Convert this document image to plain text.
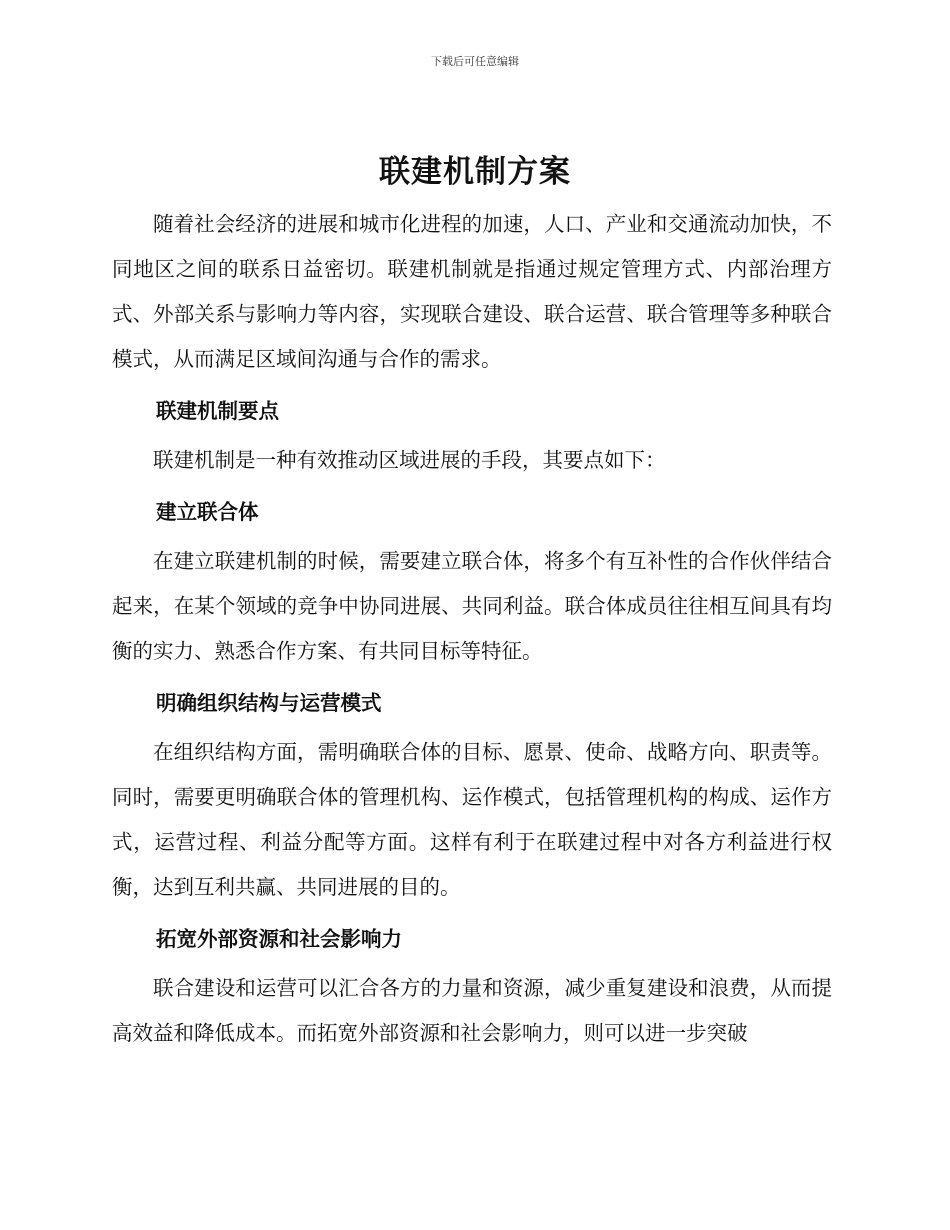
下载后可任意编辑
联建机制方案

随着社会经济的进展和城市化进程的加速，人口、产业和交通流动加快，不同地区之间的联系日益密切。联建机制就是指通过规定管理方式、内部治理方式、外部关系与影响力等内容，实现联合建设、联合运营、联合管理等多种联合模式，从而满足区域间沟通与合作的需求。

联建机制要点

联建机制是一种有效推动区域进展的手段，其要点如下：

建立联合体

在建立联建机制的时候，需要建立联合体，将多个有互补性的合作伙伴结合起来，在某个领域的竞争中协同进展、共同利益。联合体成员往往相互间具有均衡的实力、熟悉合作方案、有共同目标等特征。

明确组织结构与运营模式

在组织结构方面，需明确联合体的目标、愿景、使命、战略方向、职责等。同时，需要更明确联合体的管理机构、运作模式，包括管理机构的构成、运作方式，运营过程、利益分配等方面。这样有利于在联建过程中对各方利益进行权衡，达到互利共赢、共同进展的目的。

拓宽外部资源和社会影响力

联合建设和运营可以汇合各方的力量和资源，减少重复建设和浪费，从而提高效益和降低成本。而拓宽外部资源和社会影响力，则可以进一步突破
